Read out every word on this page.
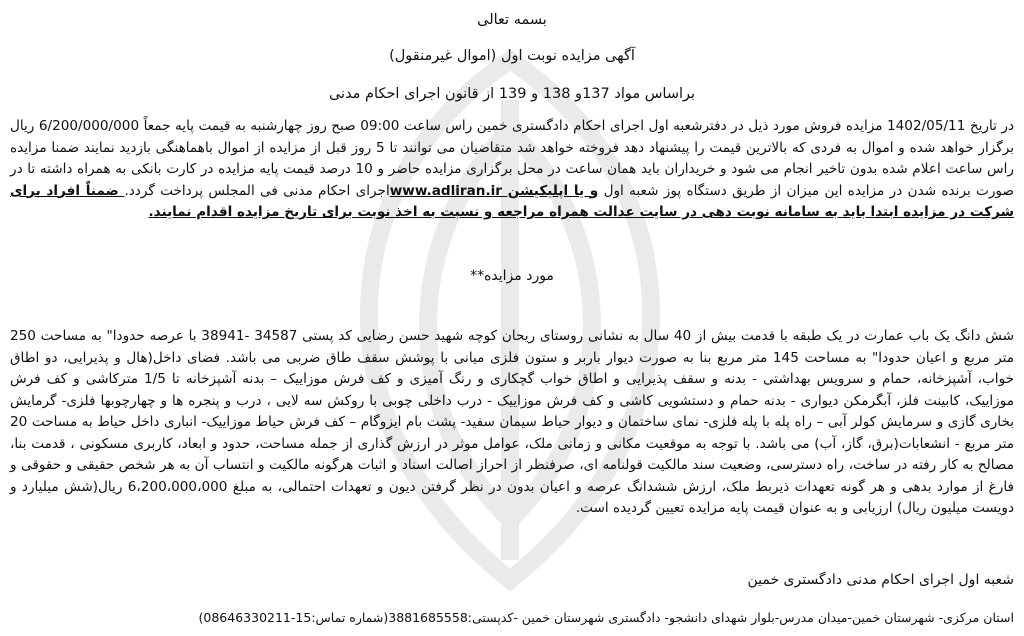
بسمه تعالی

آگهی مزایده نوبت اول (اموال غیرمنقول)

براساس مواد 137و 138 و 139 از قانون اجرای احکام مدنی

در تاریخ 1402/05/11 مزایده فروش مورد ذیل در دفترشعبه اول اجرای احکام دادگستری خمین راس ساعت 09:00 صبح روز چهارشنبه به قیمت پایه جمعاً 6/200/000/000 ریال برگزار خواهد شده و اموال به فردی که بالاترین قیمت را پیشنهاد دهد فروخته خواهد شد متقاضیان می توانند تا 5 روز قبل از مزایده از اموال باهماهنگی بازدید نمایند ضمنا مزایده راس ساعت اعلام شده بدون تاخیر انجام می شود و خریداران باید همان ساعت در محل برگزاری مزایده حاضر و 10 درصد قیمت پایه مزایده در کارت بانکی به همراه داشته تا در صورت برنده شدن در مزایده این میزان از طریق دستگاه پوز شعبه اول و یا اپلیکیشن www.adliran.irاجرای احکام مدنی فی المجلس پرداخت گردد. ضمناً افراد برای شرکت در مزایده ابتدا باید به سامانه نوبت دهی در سایت عدالت همراه مراجعه و نسبت به اخذ نوبت برای تاریخ مزایده اقدام نمایند.

مورد مزایده**

شش دانگ یک باب عمارت در یک طبقه با قدمت بیش از 40 سال به نشانی روستای ریحان کوچه شهید حسن رضایی کد پستی 34587 -38941 با عرصه حدودا" به مساحت 250 متر مربع و اعیان حدودا" به مساحت 145 متر مربع بنا به صورت دیوار باربر و ستون فلزی میانی با پوشش سقف طاق ضربی می باشد. فضای داخل(هال و پذیرایی، دو اطاق خواب، آشپزخانه، حمام و سرویس بهداشتی - بدنه و سقف پذیرایی و اطاق خواب گچکاری و رنگ آمیزی و کف فرش موزاییک – بدنه آشپزخانه تا 1/5 مترکاشی و کف فرش موزاییک، کابینت فلز، آبگرمکن دیواری - بدنه حمام و دستشویی کاشی و کف فرش موزاییک - درب داخلی چوبی با روکش سه لایی ، درب و پنجره ها و چهارچوبها فلزی- گرمایش بخاری گازی و سرمایش کولر آبی – راه پله با پله فلزی- نمای ساختمان و دیوار حیاط سیمان سفید- پشت بام ایزوگام – کف فرش حیاط موزاییک- انباری داخل حیاط به مساحت 20 متر مربع - انشعابات(برق، گاز، آب) می باشد. با توجه به موقعیت مکانی و زمانی ملک، عوامل موثر در ارزش گذاری از جمله مساحت، حدود و ابعاد، کاربری مسکونی ، قدمت بنا، مصالح به کار رفته در ساخت، راه دسترسی، وضعیت سند مالکیت قولنامه ای، صرفنظر از احراز اصالت اسناد و اثبات هرگونه مالکیت و انتساب آن به هر شخص حقیقی و حقوقی و فارغ از موارد بدهی و هر گونه تعهدات ذیربط ملک، ارزش ششدانگ عرصه و اعیان بدون در نظر گرفتن دیون و تعهدات احتمالی، به مبلغ 6،200،000،000 ریال(شش میلیارد و دویست میلیون ریال) ارزیابی و به عنوان قیمت پایه مزایده تعیین گردیده است.

شعبه اول اجرای احکام مدنی دادگستری خمین
استان مرکزی- شهرستان خمین-میدان مدرس-بلوار شهدای دانشجو- دادگستری شهرستان خمین -کدپستی:3881685558(شماره تماس:15-08646330211)
